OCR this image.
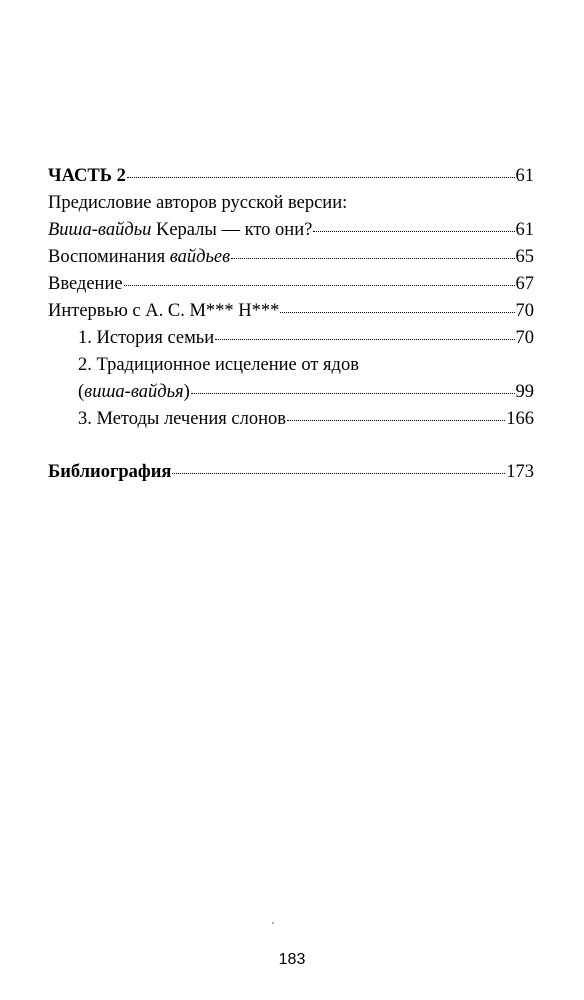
ЧАСТЬ 2	61
Предисловие авторов русской версии:
Виша-вайдьи Keралы — кто они?	61
Воспоминания вайдьев	65
Введение	67
Интервью с А. С. М*** Н***	70
1. История семьи	70
2. Традиционное исцеление от ядов
(виша-вайдья)	99
3. Методы лечения слонов	166
Библиография	173
183
